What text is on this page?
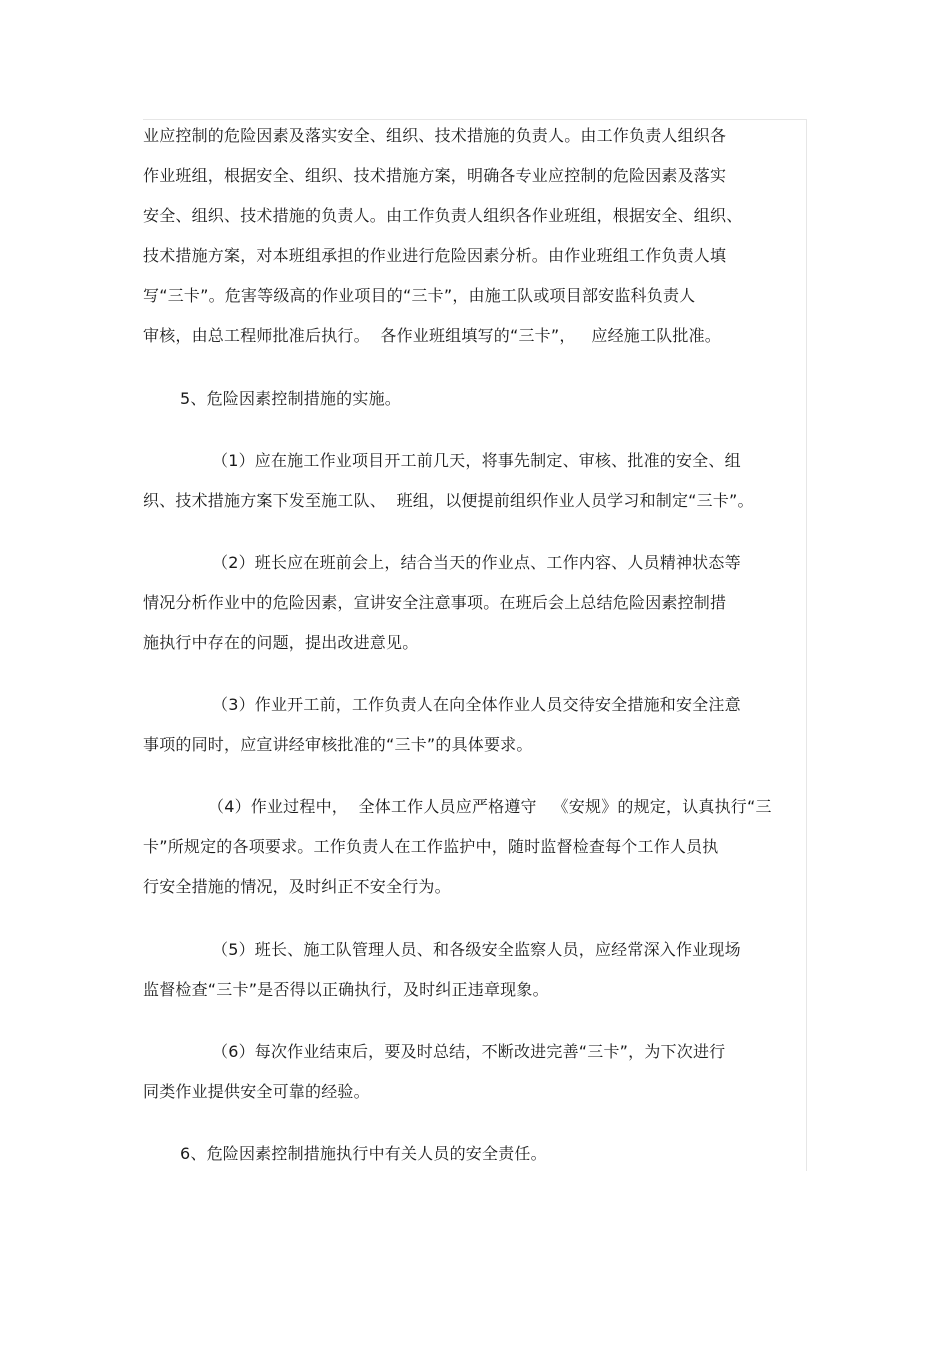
业应控制的危险因素及落实安全、组织、技术措施的负责人。由工作负责人组织各
作业班组，根据安全、组织、技术措施方案，明确各专业应控制的危险因素及落实
安全、组织、技术措施的负责人。由工作负责人组织各作业班组，根据安全、组织、
技术措施方案，对本班组承担的作业进行危险因素分析。由作业班组工作负责人填
写“三卡”。危害等级高的作业项目的“三卡”，由施工队或项目部安监科负责人
审核，由总工程师批准后执行。  各作业班组填写的“三卡”，   应经施工队批准。
5、危险因素控制措施的实施。
（1）应在施工作业项目开工前几天，将事先制定、审核、批准的安全、组
织、技术措施方案下发至施工队、  班组，以便提前组织作业人员学习和制定“三卡”。
（2）班长应在班前会上，结合当天的作业点、工作内容、人员精神状态等
情况分析作业中的危险因素，宣讲安全注意事项。在班后会上总结危险因素控制措
施执行中存在的问题，提出改进意见。
（3）作业开工前，工作负责人在向全体作业人员交待安全措施和安全注意
事项的同时，应宣讲经审核批准的“三卡”的具体要求。
（4）作业过程中，  全体工作人员应严格遵守   《安规》的规定，认真执行“三
卡”所规定的各项要求。工作负责人在工作监护中，随时监督检查每个工作人员执
行安全措施的情况，及时纠正不安全行为。
（5）班长、施工队管理人员、和各级安全监察人员，应经常深入作业现场
监督检查“三卡”是否得以正确执行，及时纠正违章现象。
（6）每次作业结束后，要及时总结，不断改进完善“三卡”，为下次进行
同类作业提供安全可靠的经验。
6、危险因素控制措施执行中有关人员的安全责任。
